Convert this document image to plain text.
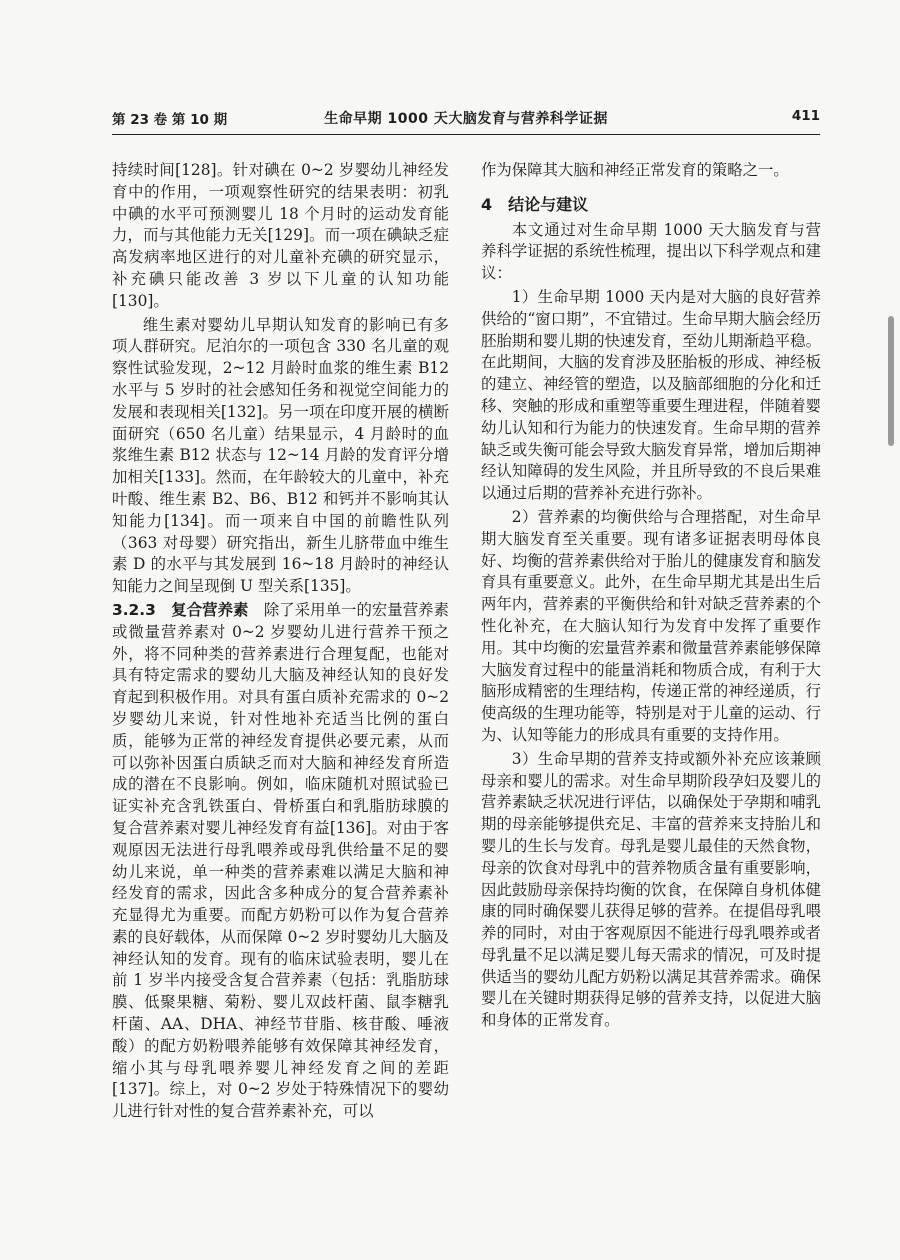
第 23 卷 第 10 期	生命早期 1000 天大脑发育与营养科学证据	411

持续时间[128]。针对碘在 0~2 岁婴幼儿神经发育中的作用，一项观察性研究的结果表明：初乳中碘的水平可预测婴儿 18 个月时的运动发育能力，而与其他能力无关[129]。而一项在碘缺乏症高发病率地区进行的对儿童补充碘的研究显示，补充碘只能改善 3 岁以下儿童的认知功能[130]。

维生素对婴幼儿早期认知发育的影响已有多项人群研究。尼泊尔的一项包含 330 名儿童的观察性试验发现，2~12 月龄时血浆的维生素 B12 水平与 5 岁时的社会感知任务和视觉空间能力的发展和表现相关[132]。另一项在印度开展的横断面研究（650 名儿童）结果显示，4 月龄时的血浆维生素 B12 状态与 12~14 月龄的发育评分增加相关[133]。然而，在年龄较大的儿童中，补充叶酸、维生素 B2、B6、B12 和钙并不影响其认知能力[134]。而一项来自中国的前瞻性队列（363 对母婴）研究指出，新生儿脐带血中维生素 D 的水平与其发展到 16~18 月龄时的神经认知能力之间呈现倒 U 型关系[135]。

3.2.3　复合营养素　 除了采用单一的宏量营养素或微量营养素对 0~2 岁婴幼儿进行营养干预之外，将不同种类的营养素进行合理复配，也能对具有特定需求的婴幼儿大脑及神经认知的良好发育起到积极作用。对具有蛋白质补充需求的 0~2 岁婴幼儿来说，针对性地补充适当比例的蛋白质，能够为正常的神经发育提供必要元素，从而可以弥补因蛋白质缺乏而对大脑和神经发育所造成的潜在不良影响。例如，临床随机对照试验已证实补充含乳铁蛋白、骨桥蛋白和乳脂肪球膜的复合营养素对婴儿神经发育有益[136]。对由于客观原因无法进行母乳喂养或母乳供给量不足的婴幼儿来说，单一种类的营养素难以满足大脑和神经发育的需求，因此含多种成分的复合营养素补充显得尤为重要。而配方奶粉可以作为复合营养素的良好载体，从而保障 0~2 岁时婴幼儿大脑及神经认知的发育。现有的临床试验表明，婴儿在前 1 岁半内接受含复合营养素（包括：乳脂肪球膜、低聚果糖、菊粉、婴儿双歧杆菌、鼠李糖乳杆菌、AA、DHA、神经节苷脂、核苷酸、唾液酸）的配方奶粉喂养能够有效保障其神经发育，缩小其与母乳喂养婴儿神经发育之间的差距[137]。综上，对 0~2 岁处于特殊情况下的婴幼儿进行针对性的复合营养素补充，可以

作为保障其大脑和神经正常发育的策略之一。

4　结论与建议

本文通过对生命早期 1000 天大脑发育与营养科学证据的系统性梳理，提出以下科学观点和建议：

1）生命早期 1000 天内是对大脑的良好营养供给的“窗口期”，不宜错过。生命早期大脑会经历胚胎期和婴儿期的快速发育，至幼儿期渐趋平稳。在此期间，大脑的发育涉及胚胎板的形成、神经板的建立、神经管的塑造，以及脑部细胞的分化和迁移、突触的形成和重塑等重要生理进程，伴随着婴幼儿认知和行为能力的快速发育。生命早期的营养缺乏或失衡可能会导致大脑发育异常，增加后期神经认知障碍的发生风险，并且所导致的不良后果难以通过后期的营养补充进行弥补。

2）营养素的均衡供给与合理搭配，对生命早期大脑发育至关重要。现有诸多证据表明母体良好、均衡的营养素供给对于胎儿的健康发育和脑发育具有重要意义。此外，在生命早期尤其是出生后两年内，营养素的平衡供给和针对缺乏营养素的个性化补充，在大脑认知行为发育中发挥了重要作用。其中均衡的宏量营养素和微量营养素能够保障大脑发育过程中的能量消耗和物质合成，有利于大脑形成精密的生理结构，传递正常的神经递质，行使高级的生理功能等，特别是对于儿童的运动、行为、认知等能力的形成具有重要的支持作用。

3）生命早期的营养支持或额外补充应该兼顾母亲和婴儿的需求。对生命早期阶段孕妇及婴儿的营养素缺乏状况进行评估，以确保处于孕期和哺乳期的母亲能够提供充足、丰富的营养来支持胎儿和婴儿的生长与发育。母乳是婴儿最佳的天然食物，母亲的饮食对母乳中的营养物质含量有重要影响，因此鼓励母亲保持均衡的饮食，在保障自身机体健康的同时确保婴儿获得足够的营养。在提倡母乳喂养的同时，对由于客观原因不能进行母乳喂养或者母乳量不足以满足婴儿每天需求的情况，可及时提供适当的婴幼儿配方奶粉以满足其营养需求。确保婴儿在关键时期获得足够的营养支持，以促进大脑和身体的正常发育。
